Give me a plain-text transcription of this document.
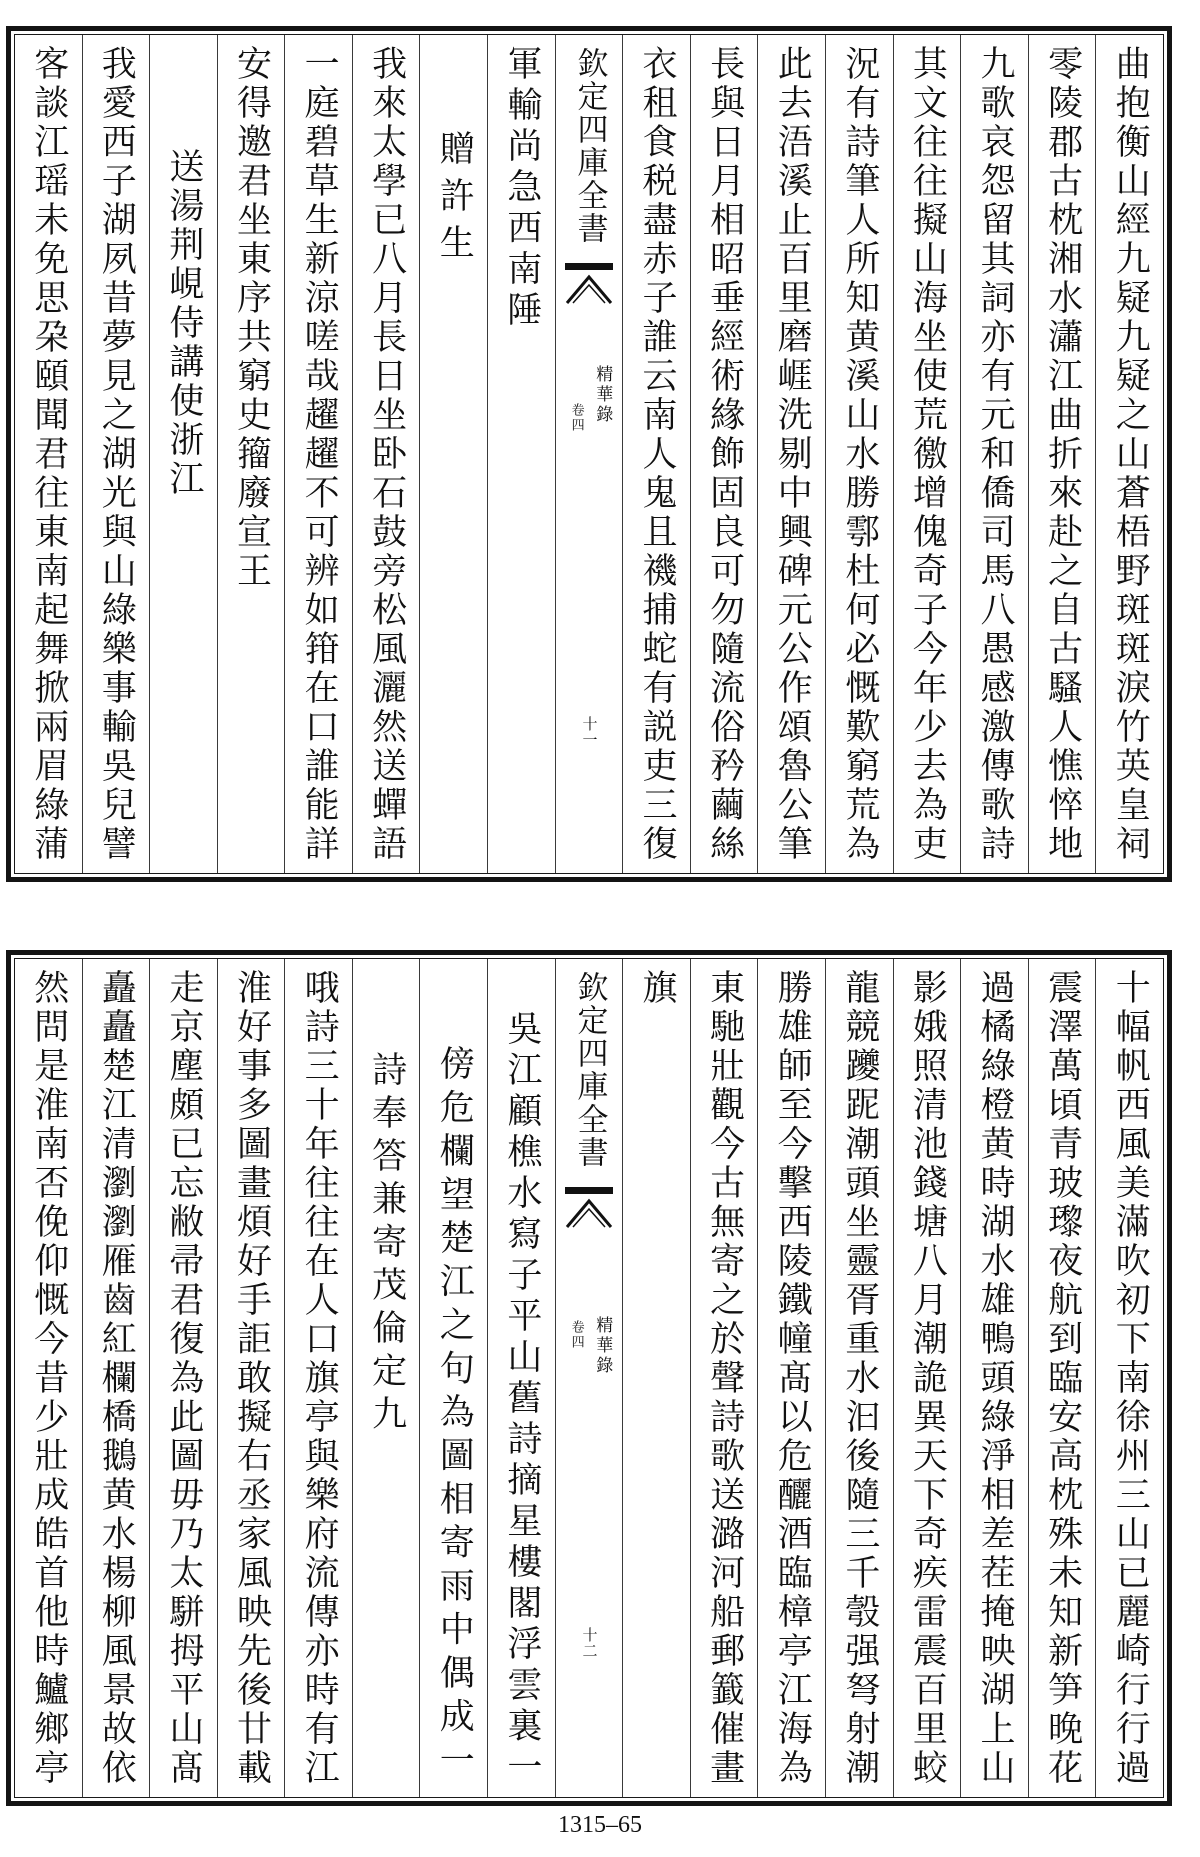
曲抱衡山經九疑九疑之山蒼梧野斑斑淚竹英皇祠
零陵郡古枕湘水瀟江曲折來赴之自古騷人憔悴地
九歌哀怨留其詞亦有元和僑司馬八愚感激傳歌詩
其文往往擬山海坐使荒徼增傀奇子今年少去為吏
況有詩筆人所知黄溪山水勝鄠杜何必慨歎窮荒為
此去浯溪止百里磨崕洗剔中興碑元公作頌魯公筆
長與日月相昭垂經術緣飾固良可勿隨流俗矜繭絲
衣租食税盡赤子誰云南人鬼且禨捕蛇有説吏三復
欽定四庫全書
精華錄
卷四
十一
軍輸尚急西南陲
贈許生
我來太學已八月長日坐卧石鼓旁松風灑然送蟬語
一庭碧草生新涼嗟哉趯趯不可辨如箝在口誰能詳
安得邀君坐東序共窮史籀廢宣王
送湯荆峴侍講使浙江
我愛西子湖夙昔夢見之湖光與山綠樂事輸吳兒譬
客談江瑶未免思朶頤聞君往東南起舞掀兩眉綠蒲
十幅帆西風美滿吹初下南徐州三山已麗崎行行過
震澤萬頃青玻瓈夜航到臨安高枕殊未知新笋晚花
過橘綠橙黄時湖水雄鴨頭綠淨相差茬掩映湖上山
影娥照清池錢塘八月潮詭異天下奇疾雷震百里蛟
龍競躨跜潮頭坐靈胥重水汩後隨三千彀强弩射潮
勝雄師至今擊西陵鐵幢髙以危釃酒臨樟亭江海為
東馳壯觀今古無寄之於聲詩歌送潞河船郵籖催畫
旗
欽定四庫全書
精華錄
卷四
十二
吳江顧樵水寫子平山舊詩摘星樓閣浮雲裏一
傍危欄望楚江之句為圖相寄雨中偶成一
詩奉答兼寄茂倫定九
哦詩三十年往往在人口旗亭與樂府流傳亦時有江
淮好事多圖畫煩好手詎敢擬右丞家風映先後廿載
走京塵頗已忘敝帚君復為此圖毋乃太駢拇平山髙
矗矗楚江清瀏瀏雁齒紅欄橋鵝黄水楊柳風景故依
然問是淮南否俛仰慨今昔少壯成皓首他時鱸鄉亭
1315–65
